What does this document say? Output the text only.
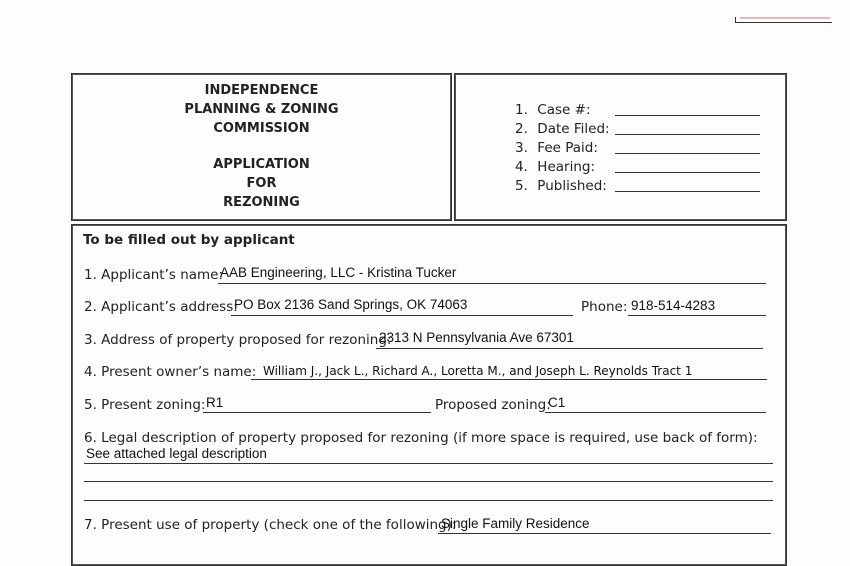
INDEPENDENCE
PLANNING & ZONING
COMMISSION
APPLICATION
FOR
REZONING
1. Case #:
2. Date Filed:
3. Fee Paid:
4. Hearing:
5. Published:
To be filled out by applicant
1. Applicant’s name:
AAB Engineering, LLC - Kristina Tucker
2. Applicant’s address:
PO Box 2136 Sand Springs, OK 74063	Phone: 918-514-4283
3. Address of property proposed for rezoning:
2313 N Pennsylvania Ave 67301
4. Present owner’s name: William J., Jack L., Richard A., Loretta M., and Joseph L. Reynolds Tract 1
5. Present zoning: R1	Proposed zoning:
C1
6. Legal description of property proposed for rezoning (if more space is required, use back of form):
See attached legal description
7. Present use of property (check one of the following):
Single Family Residence
